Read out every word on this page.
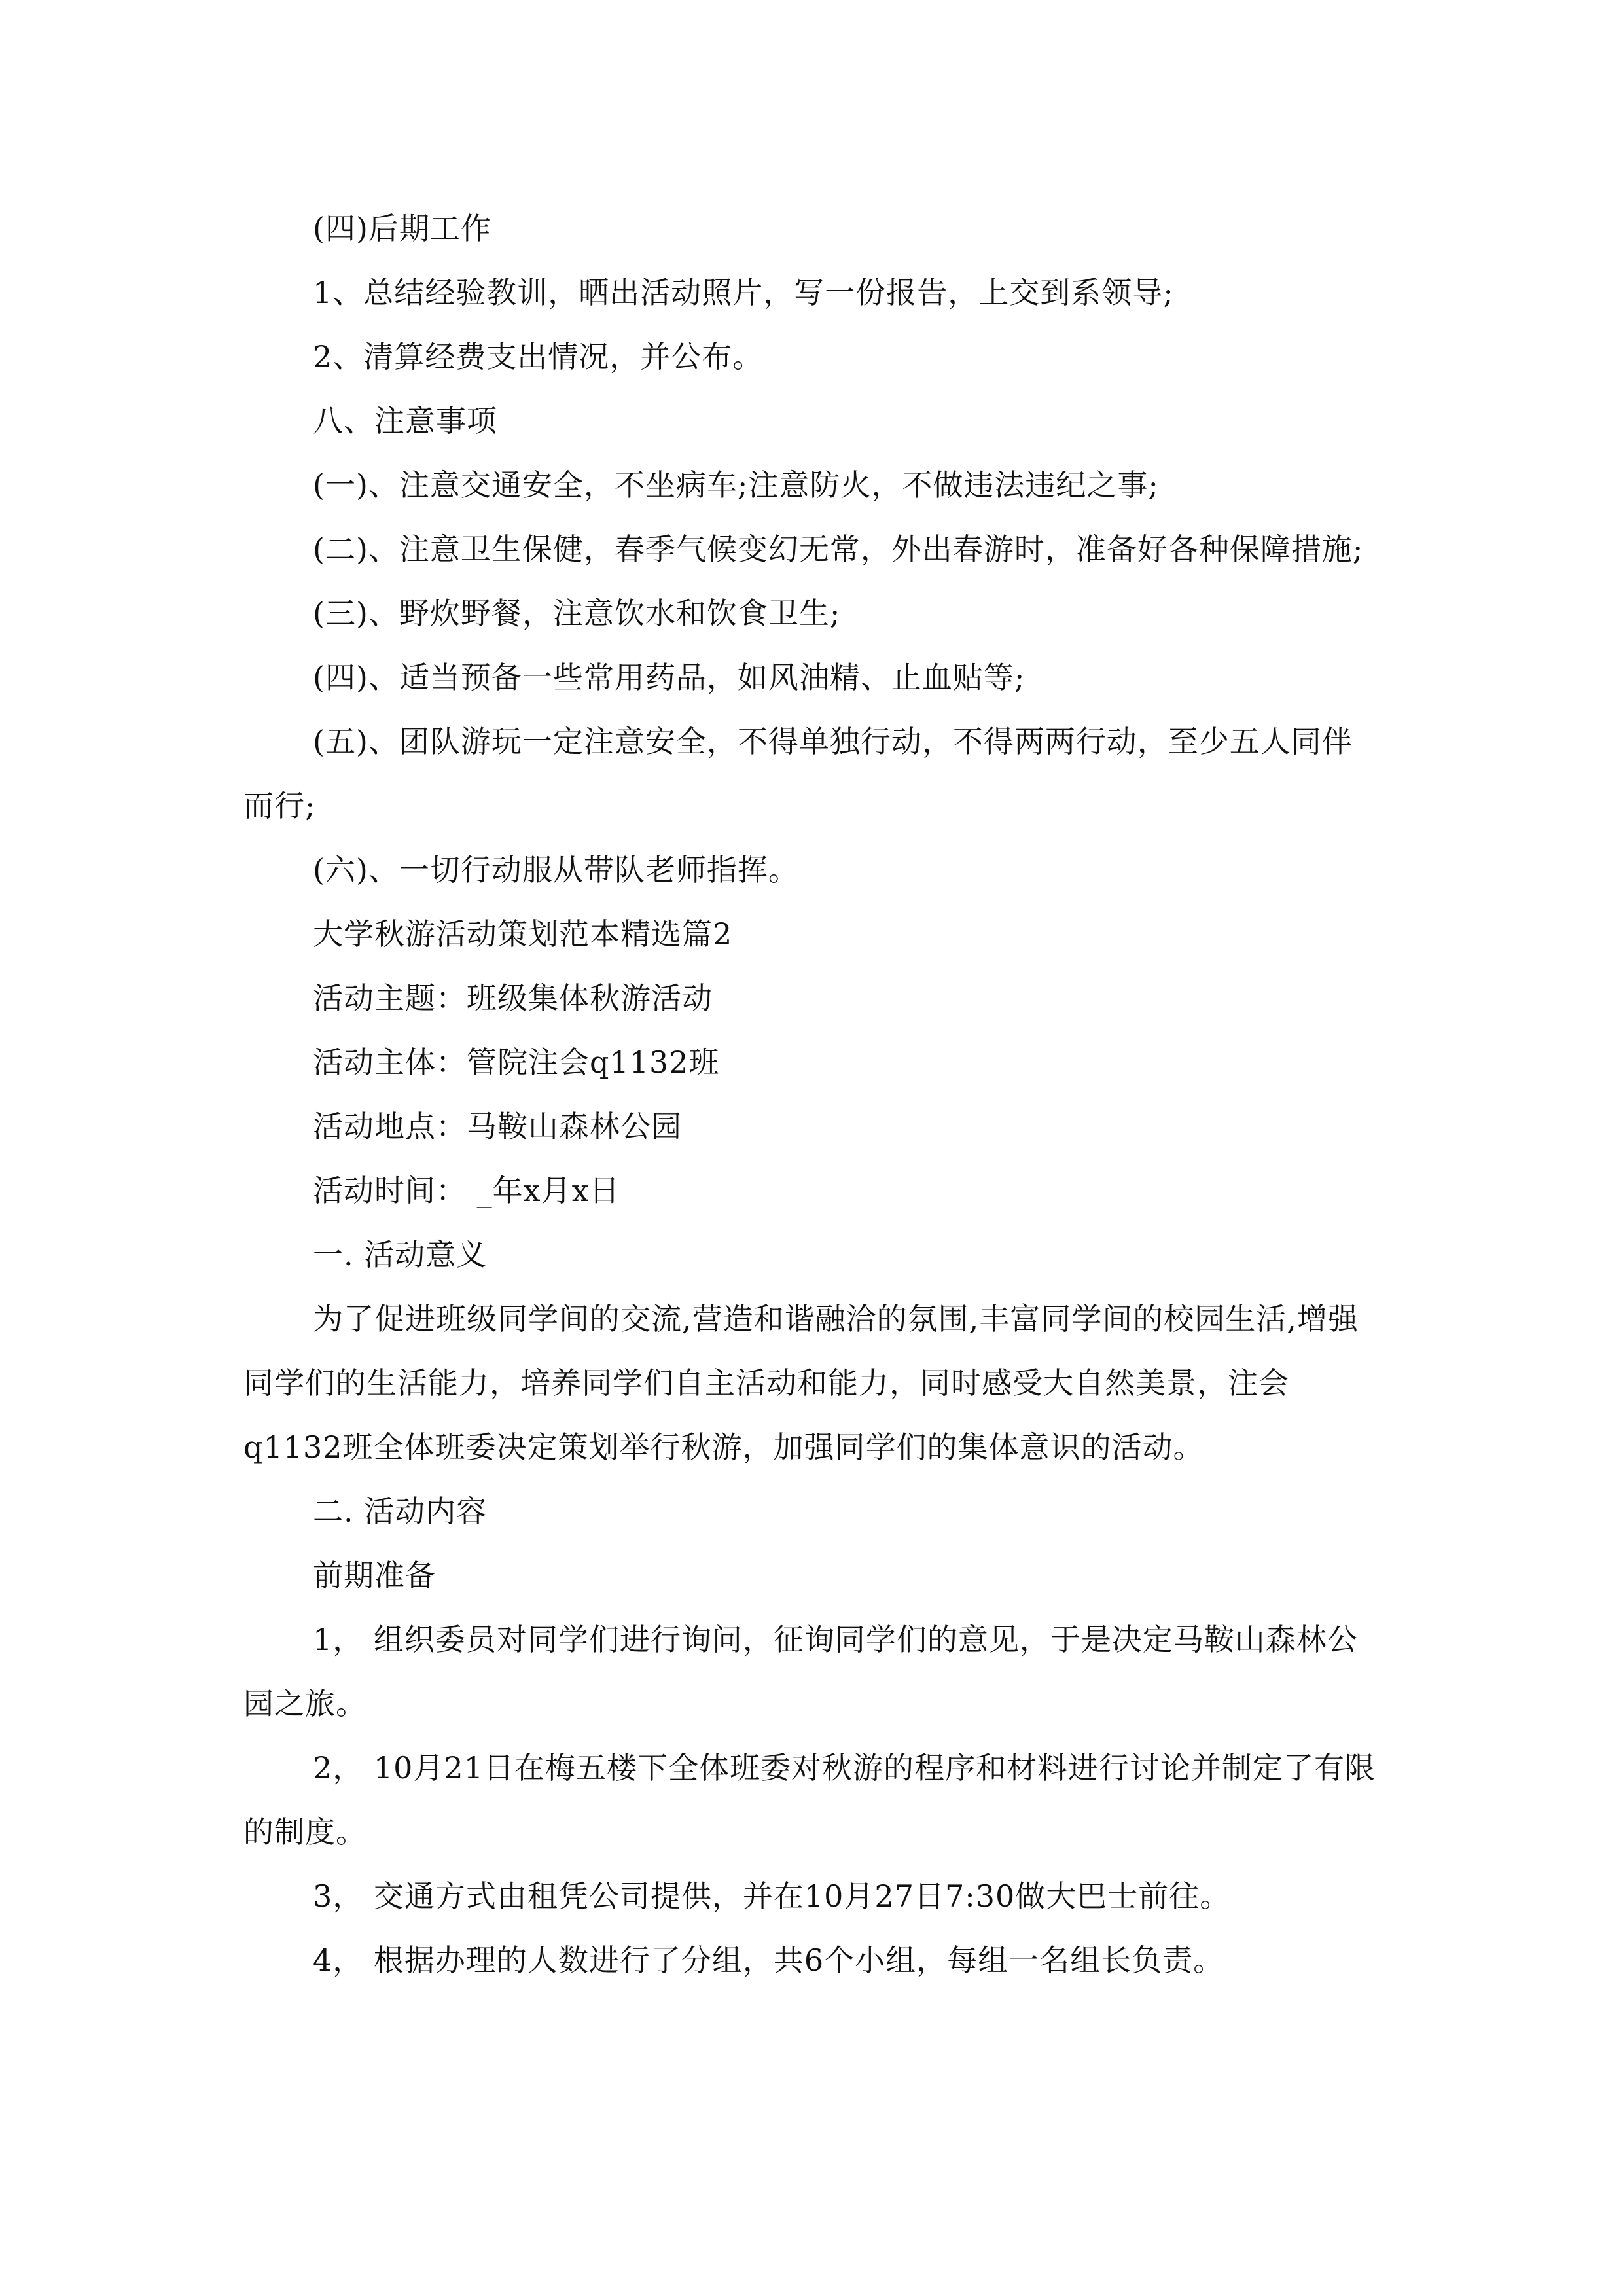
(四)后期工作

1、总结经验教训，晒出活动照片，写一份报告，上交到系领导;

2、清算经费支出情况，并公布。

八、注意事项

(一)、注意交通安全，不坐病车;注意防火，不做违法违纪之事;

(二)、注意卫生保健，春季气候变幻无常，外出春游时，准备好各种保障措施;

(三)、野炊野餐，注意饮水和饮食卫生;

(四)、适当预备一些常用药品，如风油精、止血贴等;

(五)、团队游玩一定注意安全，不得单独行动，不得两两行动，至少五人同伴而行;

(六)、一切行动服从带队老师指挥。

大学秋游活动策划范本精选篇2

活动主题：班级集体秋游活动

活动主体：管院注会q1132班

活动地点：马鞍山森林公园

活动时间： _年x月x日

一. 活动意义

为了促进班级同学间的交流,营造和谐融洽的氛围,丰富同学间的校园生活,增强同学们的生活能力，培养同学们自主活动和能力，同时感受大自然美景，注会q1132班全体班委决定策划举行秋游，加强同学们的集体意识的活动。

二. 活动内容

前期准备

1， 组织委员对同学们进行询问，征询同学们的意见，于是决定马鞍山森林公园之旅。

2， 10月21日在梅五楼下全体班委对秋游的程序和材料进行讨论并制定了有限的制度。

3， 交通方式由租凭公司提供，并在10月27日7:30做大巴士前往。

4， 根据办理的人数进行了分组，共6个小组，每组一名组长负责。
